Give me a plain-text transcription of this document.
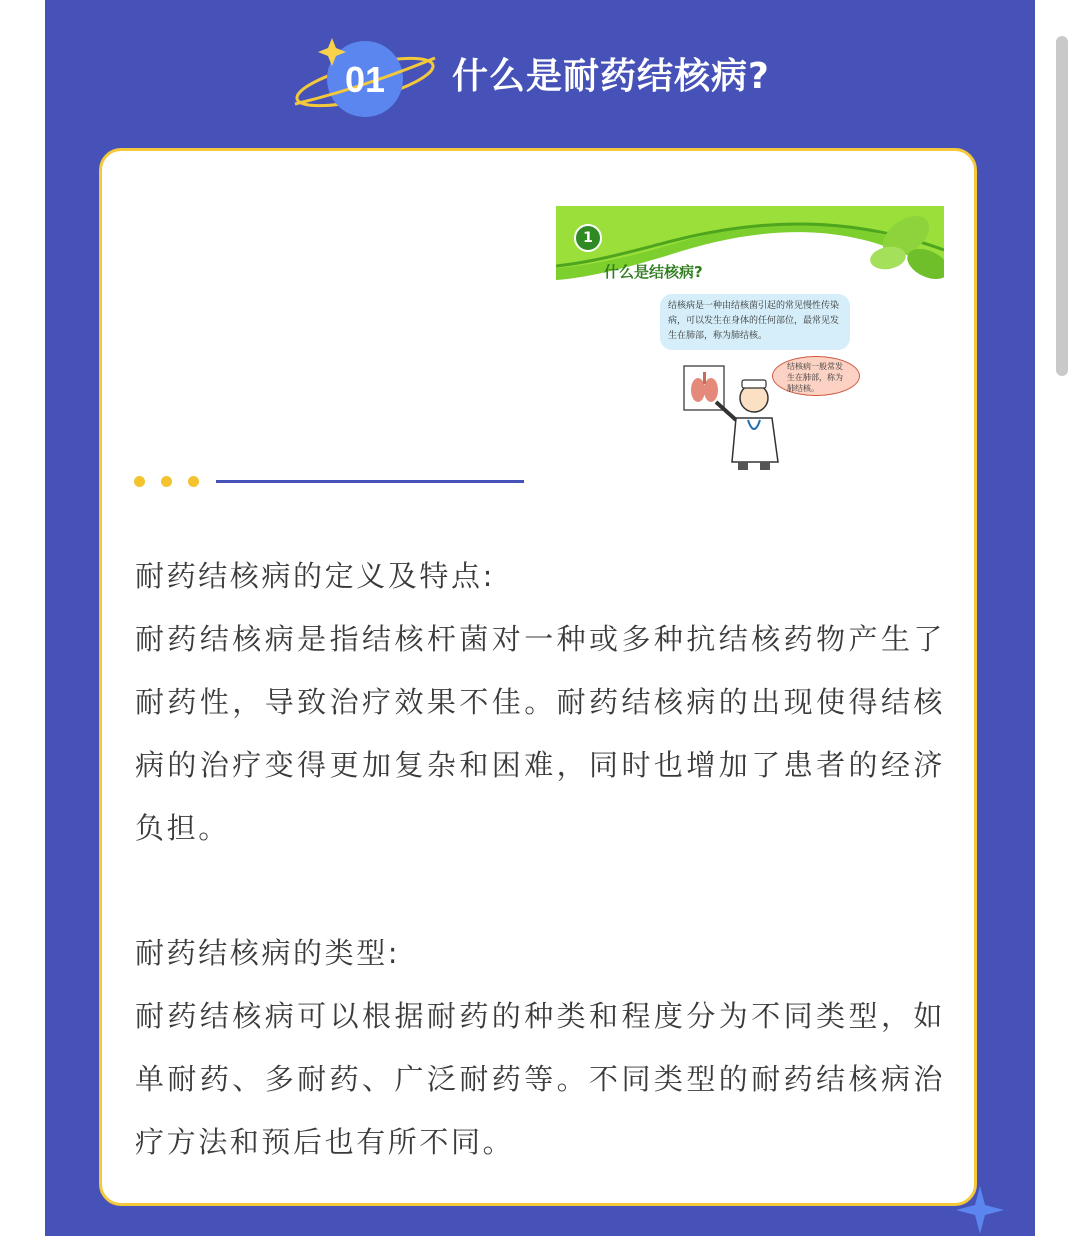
01 什么是耐药结核病?
1
什么是结核病?
结核病是一种由结核菌引起的常见慢性传染病，可以发生在身体的任何部位，最常见发生在肺部，称为肺结核。
结核病一般常发生在肺部，称为肺结核。
耐药结核病的定义及特点:
耐药结核病是指结核杆菌对一种或多种抗结核药物产生了耐药性，导致治疗效果不佳。耐药结核病的出现使得结核病的治疗变得更加复杂和困难，同时也增加了患者的经济负担。
耐药结核病的类型:
耐药结核病可以根据耐药的种类和程度分为不同类型，如单耐药、多耐药、广泛耐药等。不同类型的耐药结核病治疗方法和预后也有所不同。
